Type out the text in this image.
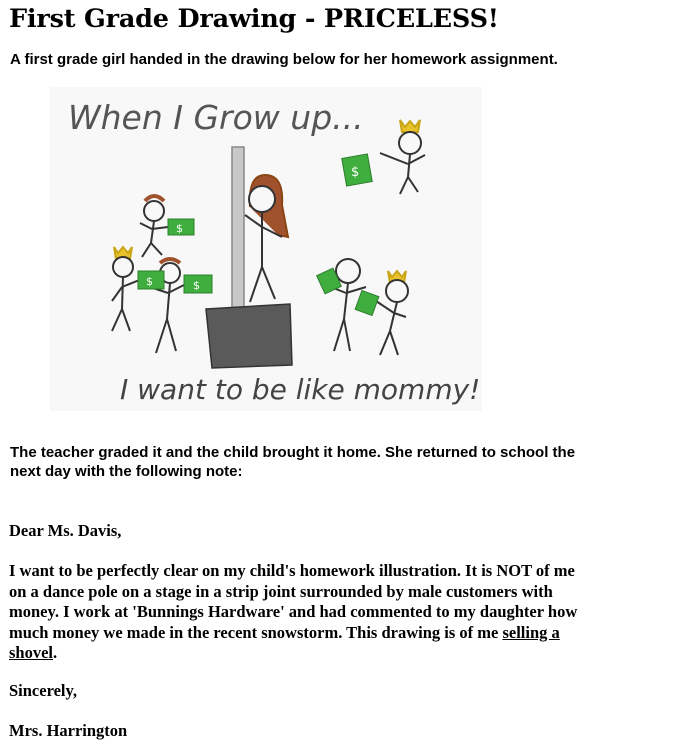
First Grade Drawing - PRICELESS!

A first grade girl handed in the drawing below for her homework assignment.

When I Grow up...
I want to be like mommy!
$
$
$	$

The teacher graded it and the child brought it home. She returned to school the
next day with the following note:

Dear Ms. Davis,

I want to be perfectly clear on my child's homework illustration. It is NOT of me
on a dance pole on a stage in a strip joint surrounded by male customers with
money. I work at 'Bunnings Hardware' and had commented to my daughter how
much money we made in the recent snowstorm. This drawing is of me selling a
shovel.

Sincerely,

Mrs. Harrington
